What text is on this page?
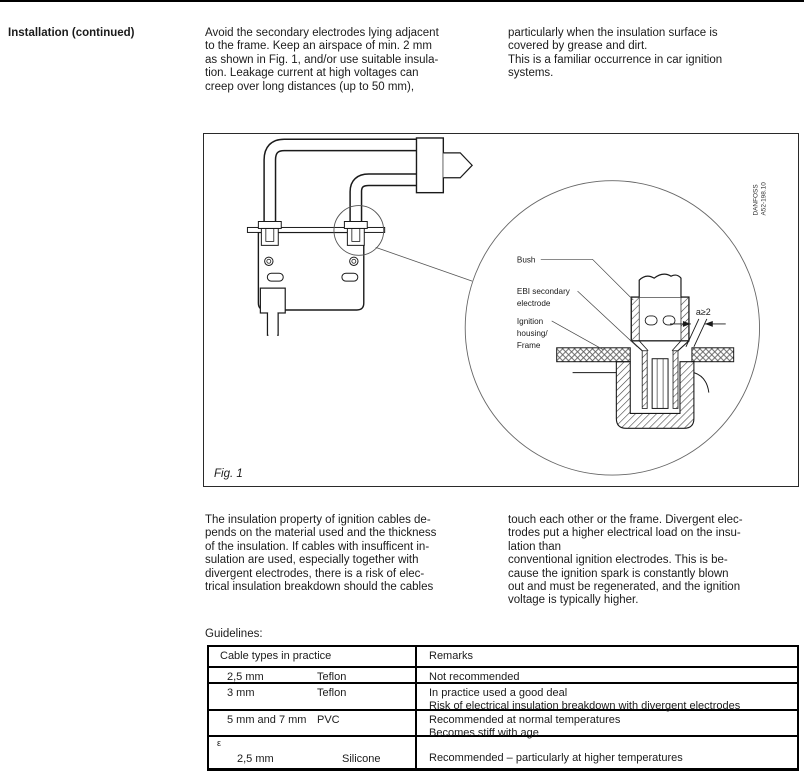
Installation (continued)	Avoid the secondary electrodes lying adjacent
to the frame. Keep an airspace of min. 2 mm
as shown in Fig. 1, and/or use suitable insula-
tion. Leakage current at high voltages can
creep over long distances (up to 50 mm),
particularly when the insulation surface is
covered by grease and dirt.
This is a familiar occurrence in car ignition
systems.
a≥2
Bush
EBI secondary
electrode
Ignition
housing/
Frame
DANFOSS A52-198.10
Fig. 1
The insulation property of ignition cables de-
pends on the material used and the thickness
of the insulation. If cables with insufficent in-
sulation are used, especially together with
divergent electrodes, there is a risk of elec-
trical insulation breakdown should the cables
touch each other or the frame. Divergent elec-
trodes put a higher electrical load on the insu-
lation than
conventional ignition electrodes. This is be-
cause the ignition spark is constantly blown
out and must be regenerated, and the ignition
voltage is typically higher.
Guidelines:
Cable types in practice	Remarks
2,5 mm	Teflon	Not recommended
3 mm	Teflon	In practice used a good deal
Risk of electrical insulation breakdown with divergent electrodes
5 mm and 7 mm PVC	Recommended at normal temperatures
Becomes stiff with age
ε
2,5 mm	Silicone	Recommended – particularly at higher temperatures
